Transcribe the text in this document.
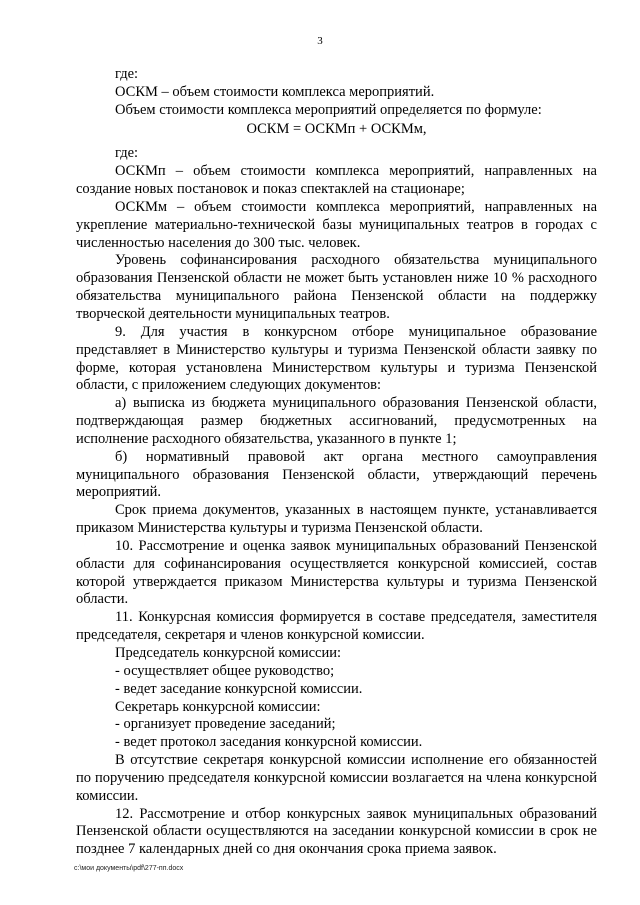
3

где:

ОСКМ – объем стоимости комплекса мероприятий.

Объем стоимости комплекса мероприятий определяется по формуле:

ОСКМ = ОСКМп + ОСКМм,

где:

ОСКМп – объем стоимости комплекса мероприятий, направленных на создание новых постановок и показ спектаклей на стационаре;

ОСКМм – объем стоимости комплекса мероприятий, направленных на укрепление материально-технической базы муниципальных театров в городах с численностью населения до 300 тыс. человек.

Уровень софинансирования расходного обязательства муниципального образования Пензенской области не может быть установлен ниже 10 % расходного обязательства муниципального района Пензенской области на поддержку творческой деятельности муниципальных театров.

9. Для участия в конкурсном отборе муниципальное образование представляет в Министерство культуры и туризма Пензенской области заявку по форме, которая установлена Министерством культуры и туризма Пензенской области, с приложением следующих документов:

а) выписка из бюджета муниципального образования Пензенской области, подтверждающая размер бюджетных ассигнований, предусмотренных на исполнение расходного обязательства, указанного в пункте 1;

б) нормативный правовой акт органа местного самоуправления муниципального образования Пензенской области, утверждающий перечень мероприятий.

Срок приема документов, указанных в настоящем пункте, устанавливается приказом Министерства культуры и туризма Пензенской области.

10. Рассмотрение и оценка заявок муниципальных образований Пензенской области для софинансирования осуществляется конкурсной комиссией, состав которой утверждается приказом Министерства культуры и туризма Пензенской области.

11. Конкурсная комиссия формируется в составе председателя, заместителя председателя, секретаря и членов конкурсной комиссии.

Председатель конкурсной комиссии:

- осуществляет общее руководство;

- ведет заседание конкурсной комиссии.

Секретарь конкурсной комиссии:

- организует проведение заседаний;

- ведет протокол заседания конкурсной комиссии.

В отсутствие секретаря конкурсной комиссии исполнение его обязанностей по поручению председателя конкурсной комиссии возлагается на члена конкурсной комиссии.

12. Рассмотрение и отбор конкурсных заявок муниципальных образований Пензенской области осуществляются на заседании конкурсной комиссии в срок не позднее 7 календарных дней со дня окончания срока приема заявок.

c:\мои документы\pdf\277-пп.docx
